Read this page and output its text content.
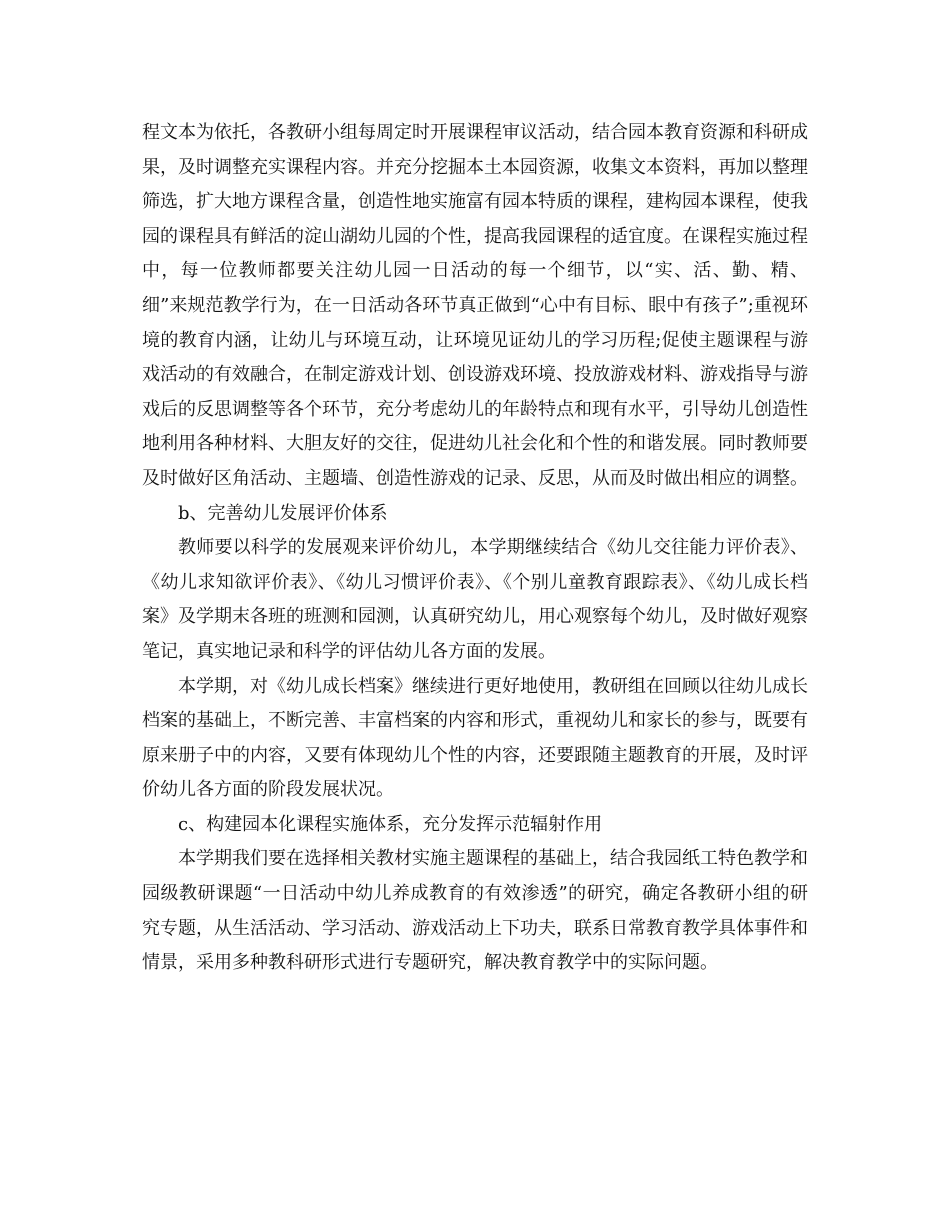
程文本为依托，各教研小组每周定时开展课程审议活动，结合园本教育资源和科研成果，及时调整充实课程内容。并充分挖掘本土本园资源，收集文本资料，再加以整理筛选，扩大地方课程含量，创造性地实施富有园本特质的课程，建构园本课程，使我园的课程具有鲜活的淀山湖幼儿园的个性，提高我园课程的适宜度。在课程实施过程中，每一位教师都要关注幼儿园一日活动的每一个细节，以“实、活、勤、精、细”来规范教学行为，在一日活动各环节真正做到“心中有目标、眼中有孩子”;重视环境的教育内涵，让幼儿与环境互动，让环境见证幼儿的学习历程;促使主题课程与游戏活动的有效融合，在制定游戏计划、创设游戏环境、投放游戏材料、游戏指导与游戏后的反思调整等各个环节，充分考虑幼儿的年龄特点和现有水平，引导幼儿创造性地利用各种材料、大胆友好的交往，促进幼儿社会化和个性的和谐发展。同时教师要及时做好区角活动、主题墙、创造性游戏的记录、反思，从而及时做出相应的调整。

b、完善幼儿发展评价体系

教师要以科学的发展观来评价幼儿，本学期继续结合《幼儿交往能力评价表》、《幼儿求知欲评价表》、《幼儿习惯评价表》、《个别儿童教育跟踪表》、《幼儿成长档案》及学期末各班的班测和园测，认真研究幼儿，用心观察每个幼儿，及时做好观察笔记，真实地记录和科学的评估幼儿各方面的发展。

本学期，对《幼儿成长档案》继续进行更好地使用，教研组在回顾以往幼儿成长档案的基础上，不断完善、丰富档案的内容和形式，重视幼儿和家长的参与，既要有原来册子中的内容，又要有体现幼儿个性的内容，还要跟随主题教育的开展，及时评价幼儿各方面的阶段发展状况。

c、构建园本化课程实施体系，充分发挥示范辐射作用

本学期我们要在选择相关教材实施主题课程的基础上，结合我园纸工特色教学和园级教研课题“一日活动中幼儿养成教育的有效渗透”的研究，确定各教研小组的研究专题，从生活活动、学习活动、游戏活动上下功夫，联系日常教育教学具体事件和情景，采用多种教科研形式进行专题研究，解决教育教学中的实际问题。
